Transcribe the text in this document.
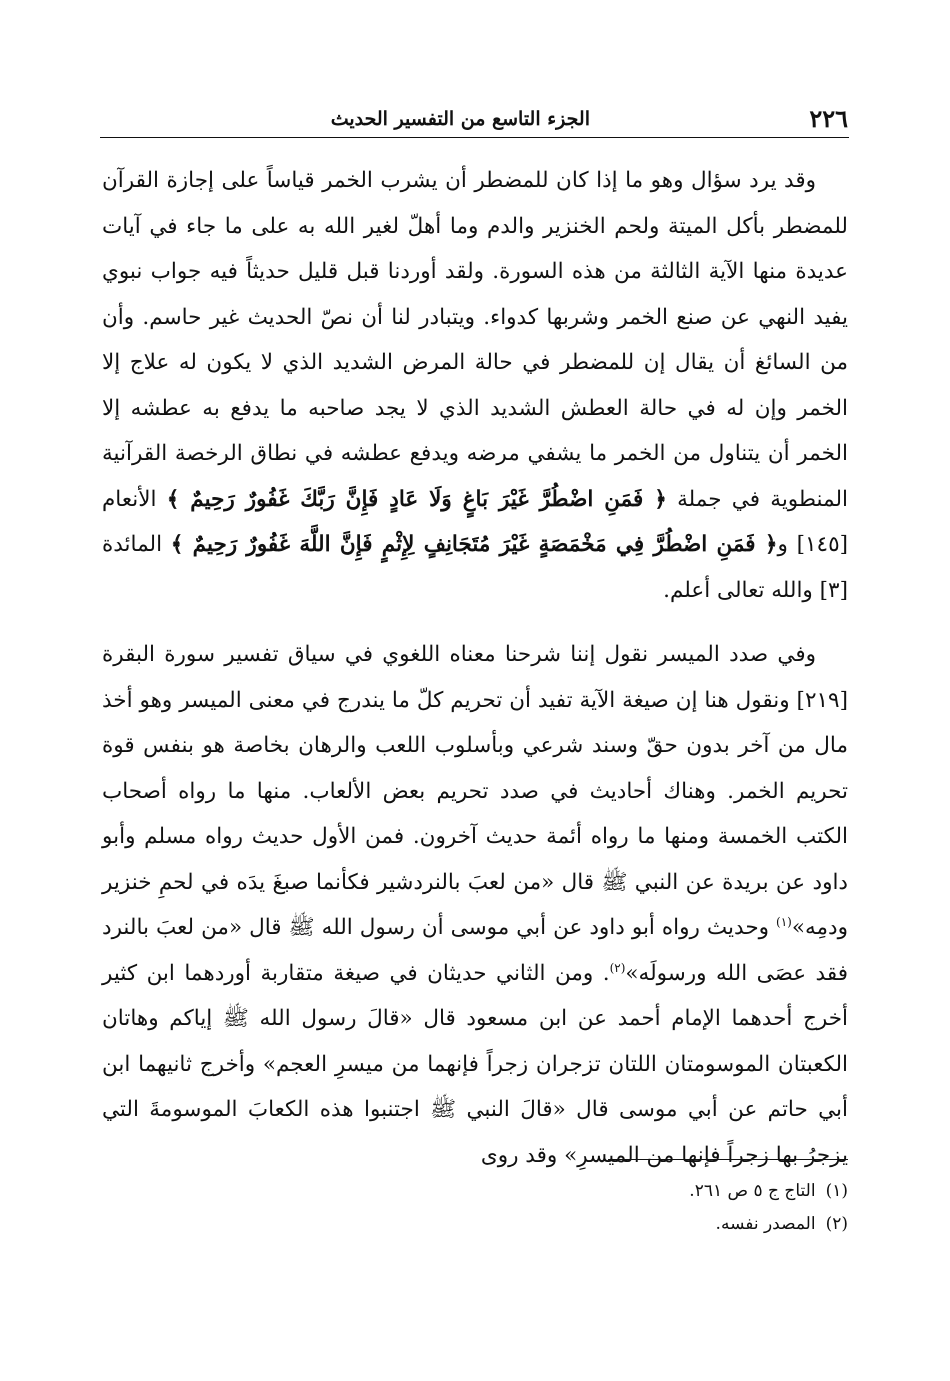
٢٢٦
الجزء التاسع من التفسير الحديث

وقد يرد سؤال وهو ما إذا كان للمضطر أن يشرب الخمر قياساً على إجازة القرآن للمضطر بأكل الميتة ولحم الخنزير والدم وما أهلّ لغير الله به على ما جاء في آيات عديدة منها الآية الثالثة من هذه السورة. ولقد أوردنا قبل قليل حديثاً فيه جواب نبوي يفيد النهي عن صنع الخمر وشربها كدواء. ويتبادر لنا أن نصّ الحديث غير حاسم. وأن من السائغ أن يقال إن للمضطر في حالة المرض الشديد الذي لا يكون له علاج إلا الخمر وإن له في حالة العطش الشديد الذي لا يجد صاحبه ما يدفع به عطشه إلا الخمر أن يتناول من الخمر ما يشفي مرضه ويدفع عطشه في نطاق الرخصة القرآنية المنطوية في جملة ﴿ فَمَنِ اضْطُرَّ غَيْرَ بَاغٍ وَلَا عَادٍ فَإِنَّ رَبَّكَ غَفُورٌ رَحِيمٌ ﴾ الأنعام [١٤٥] و﴿ فَمَنِ اضْطُرَّ فِي مَخْمَصَةٍ غَيْرَ مُتَجَانِفٍ لِإِثْمٍ فَإِنَّ اللَّهَ غَفُورٌ رَحِيمٌ ﴾ المائدة [٣] والله تعالى أعلم.

وفي صدد الميسر نقول إننا شرحنا معناه اللغوي في سياق تفسير سورة البقرة [٢١٩] ونقول هنا إن صيغة الآية تفيد أن تحريم كلّ ما يندرج في معنى الميسر وهو أخذ مال من آخر بدون حقّ وسند شرعي وبأسلوب اللعب والرهان بخاصة هو بنفس قوة تحريم الخمر. وهناك أحاديث في صدد تحريم بعض الألعاب. منها ما رواه أصحاب الكتب الخمسة ومنها ما رواه أئمة حديث آخرون. فمن الأول حديث رواه مسلم وأبو داود عن بريدة عن النبي ﷺ قال «من لعبَ بالنردشير فكأنما صبغَ يدَه في لحمِ خنزير ودمِه»$^{(١)}$ وحديث رواه أبو داود عن أبي موسى أن رسول الله ﷺ قال «من لعبَ بالنرد فقد عصَى الله ورسولَه»$^{(٢)}$. ومن الثاني حديثان في صيغة متقاربة أوردهما ابن كثير أخرج أحدهما الإمام أحمد عن ابن مسعود قال «قالَ رسول الله ﷺ إياكم وهاتان الكعبتان الموسومتان اللتان تزجران زجراً فإنهما من ميسرِ العجم» وأخرج ثانيهما ابن أبي حاتم عن أبي موسى قال «قالَ النبي ﷺ اجتنبوا هذه الكعابَ الموسومةَ التي يزجرُ بها زجراً فإنها من الميسرِ» وقد روى

(١)التاج ج ٥ ص ٢٦١.
(٢)المصدر نفسه.
